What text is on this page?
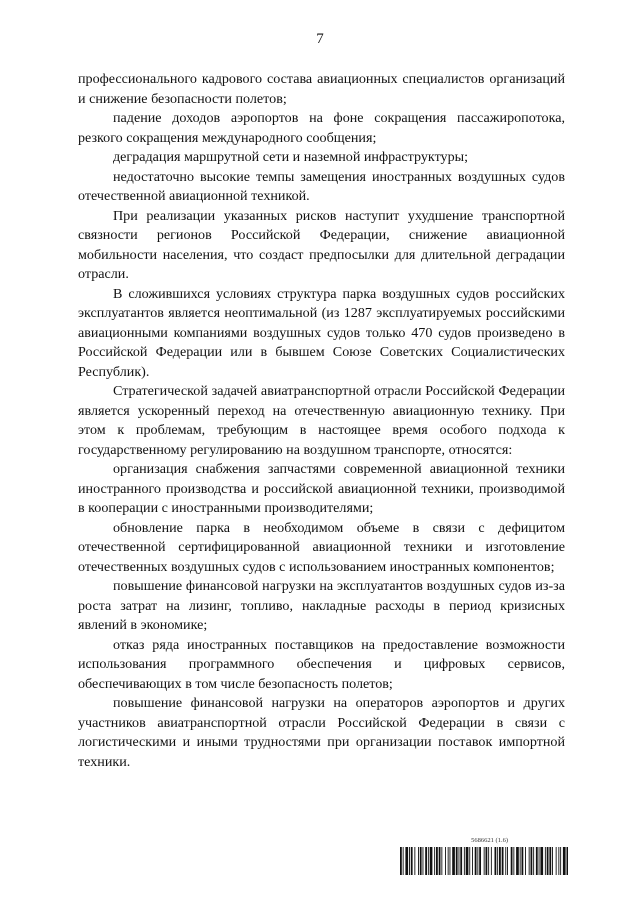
7

профессионального кадрового состава авиационных специалистов организаций и снижение безопасности полетов;

падение доходов аэропортов на фоне сокращения пассажиропотока, резкого сокращения международного сообщения;

деградация маршрутной сети и наземной инфраструктуры;

недостаточно высокие темпы замещения иностранных воздушных судов отечественной авиационной техникой.

При реализации указанных рисков наступит ухудшение транспортной связности регионов Российской Федерации, снижение авиационной мобильности населения, что создаст предпосылки для длительной деградации отрасли.

В сложившихся условиях структура парка воздушных судов российских эксплуатантов является неоптимальной (из 1287 эксплуатируемых российскими авиационными компаниями воздушных судов только 470 судов произведено в Российской Федерации или в бывшем Союзе Советских Социалистических Республик).

Стратегической задачей авиатранспортной отрасли Российской Федерации является ускоренный переход на отечественную авиационную технику. При этом к проблемам, требующим в настоящее время особого подхода к государственному регулированию на воздушном транспорте, относятся:

организация снабжения запчастями современной авиационной техники иностранного производства и российской авиационной техники, производимой в кооперации с иностранными производителями;

обновление парка в необходимом объеме в связи с дефицитом отечественной сертифицированной авиационной техники и изготовление отечественных воздушных судов с использованием иностранных компонентов;

повышение финансовой нагрузки на эксплуатантов воздушных судов из-за роста затрат на лизинг, топливо, накладные расходы в период кризисных явлений в экономике;

отказ ряда иностранных поставщиков на предоставление возможности использования программного обеспечения и цифровых сервисов, обеспечивающих в том числе безопасность полетов;

повышение финансовой нагрузки на операторов аэропортов и других участников авиатранспортной отрасли Российской Федерации в связи с логистическими и иными трудностями при организации поставок импортной техники.

5686621 (1.6)
